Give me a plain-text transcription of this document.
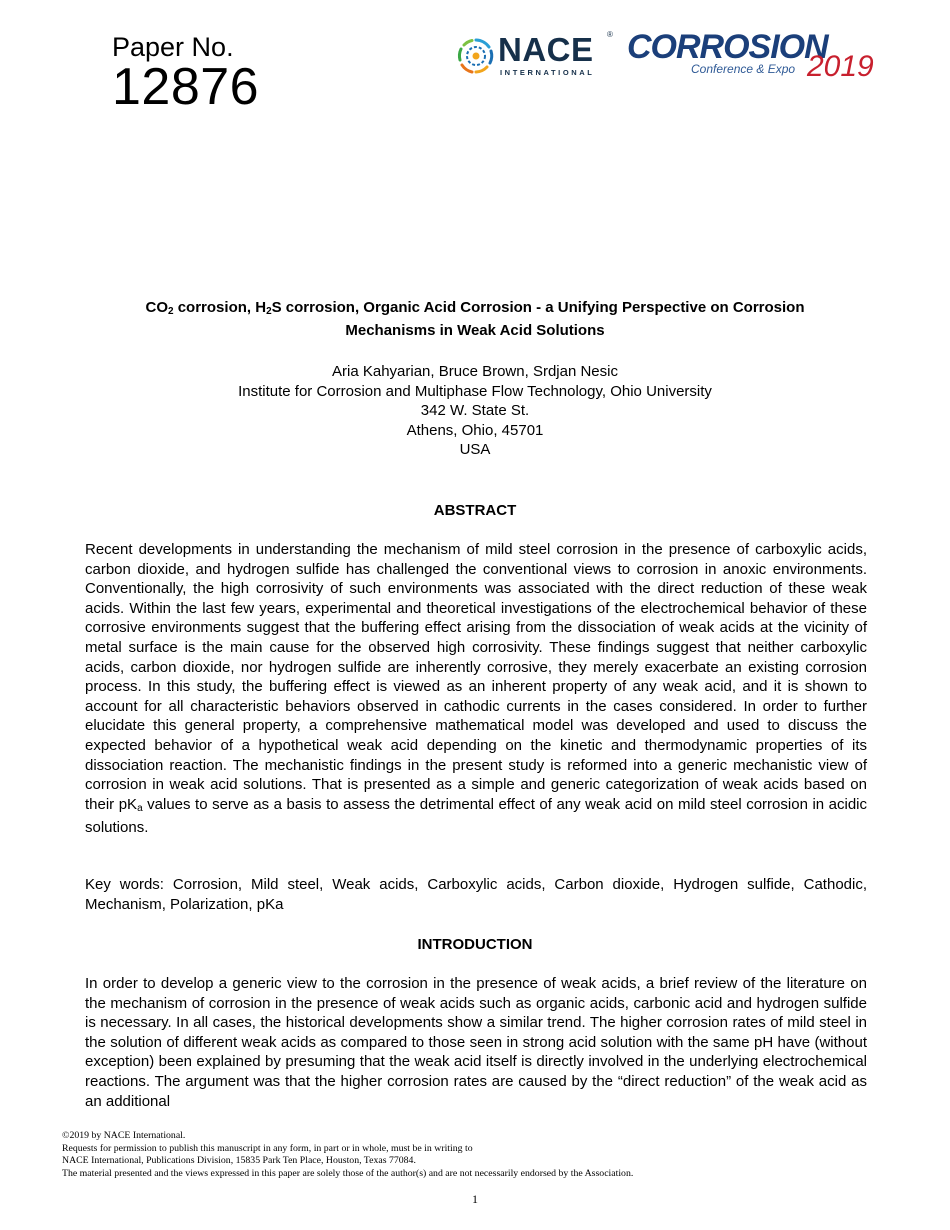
Paper No.
12876
NACE ®
INTERNATIONAL
CORROSION
Conference & Expo 2019
$CO_2$ corrosion, $H_2S$ corrosion, Organic Acid Corrosion - a Unifying Perspective on Corrosion
Mechanisms in Weak Acid Solutions
Aria Kahyarian, Bruce Brown, Srdjan Nesic
Institute for Corrosion and Multiphase Flow Technology, Ohio University
342 W. State St.
Athens, Ohio, 45701
USA
ABSTRACT

Recent developments in understanding the mechanism of mild steel corrosion in the presence of carboxylic acids, carbon dioxide, and hydrogen sulfide has challenged the conventional views to corrosion in anoxic environments. Conventionally, the high corrosivity of such environments was associated with the direct reduction of these weak acids. Within the last few years, experimental and theoretical investigations of the electrochemical behavior of these corrosive environments suggest that the buffering effect arising from the dissociation of weak acids at the vicinity of metal surface is the main cause for the observed high corrosivity. These findings suggest that neither carboxylic acids, carbon dioxide, nor hydrogen sulfide are inherently corrosive, they merely exacerbate an existing corrosion process. In this study, the buffering effect is viewed as an inherent property of any weak acid, and it is shown to account for all characteristic behaviors observed in cathodic currents in the cases considered. In order to further elucidate this general property, a comprehensive mathematical model was developed and used to discuss the expected behavior of a hypothetical weak acid depending on the kinetic and thermodynamic properties of its dissociation reaction. The mechanistic findings in the present study is reformed into a generic mechanistic view of corrosion in weak acid solutions. That is presented as a simple and generic categorization of weak acids based on their $pK_a$ values to serve as a basis to assess the detrimental effect of any weak acid on mild steel corrosion in acidic solutions.

Key words: Corrosion, Mild steel, Weak acids, Carboxylic acids, Carbon dioxide, Hydrogen sulfide, Cathodic, Mechanism, Polarization, pKa

INTRODUCTION

In order to develop a generic view to the corrosion in the presence of weak acids, a brief review of the literature on the mechanism of corrosion in the presence of weak acids such as organic acids, carbonic acid and hydrogen sulfide is necessary. In all cases, the historical developments show a similar trend. The higher corrosion rates of mild steel in the solution of different weak acids as compared to those seen in strong acid solution with the same pH have (without exception) been explained by presuming that the weak acid itself is directly involved in the underlying electrochemical reactions. The argument was that the higher corrosion rates are caused by the “direct reduction” of the weak acid as an additional

©2019 by NACE International.
Requests for permission to publish this manuscript in any form, in part or in whole, must be in writing to
NACE International, Publications Division, 15835 Park Ten Place, Houston, Texas 77084.
The material presented and the views expressed in this paper are solely those of the author(s) and are not necessarily endorsed by the Association.
1
